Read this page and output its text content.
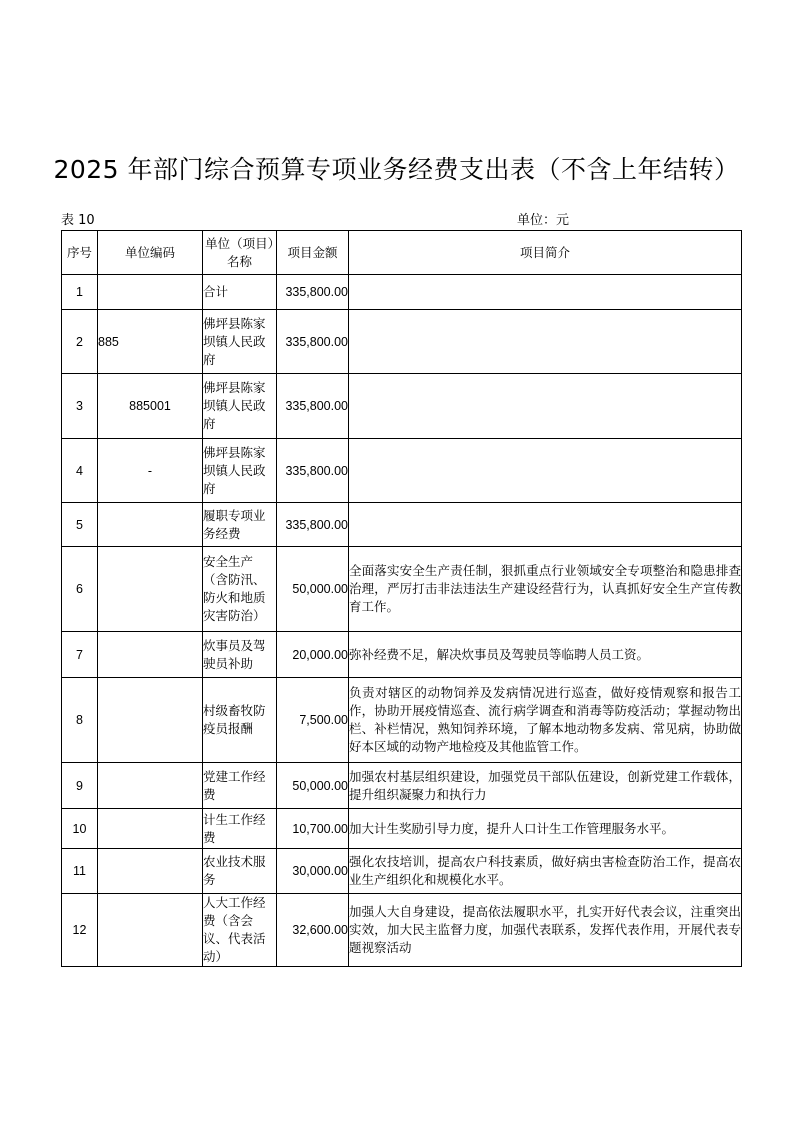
2025 年部门综合预算专项业务经费支出表（不含上年结转）
表 10	单位：元
序号	单位编码	单位（项目）名称	项目金额	项目简介
1		合计	335,800.00	
2	885	佛坪县陈家坝镇人民政府	335,800.00	
3	885001	佛坪县陈家坝镇人民政府	335,800.00	
4	-	佛坪县陈家坝镇人民政府	335,800.00	
5		履职专项业务经费	335,800.00	
6		安全生产（含防汛、防火和地质灾害防治）	50,000.00	全面落实安全生产责任制，狠抓重点行业领域安全专项整治和隐患排查治理，严厉打击非法违法生产建设经营行为，认真抓好安全生产宣传教育工作。
7		炊事员及驾驶员补助	20,000.00	弥补经费不足，解决炊事员及驾驶员等临聘人员工资。
8		村级畜牧防疫员报酬	7,500.00	负责对辖区的动物饲养及发病情况进行巡查，做好疫情观察和报告工作，协助开展疫情巡查、流行病学调查和消毒等防疫活动；掌握动物出栏、补栏情况，熟知饲养环境，了解本地动物多发病、常见病，协助做好本区域的动物产地检疫及其他监管工作。
9		党建工作经费	50,000.00	加强农村基层组织建设，加强党员干部队伍建设，创新党建工作载体，提升组织凝聚力和执行力
10		计生工作经费	10,700.00	加大计生奖励引导力度，提升人口计生工作管理服务水平。
11		农业技术服务	30,000.00	强化农技培训，提高农户科技素质，做好病虫害检查防治工作，提高农业生产组织化和规模化水平。
12		人大工作经费（含会议、代表活动）	32,600.00	加强人大自身建设，提高依法履职水平，扎实开好代表会议，注重突出实效，加大民主监督力度，加强代表联系，发挥代表作用，开展代表专题视察活动
